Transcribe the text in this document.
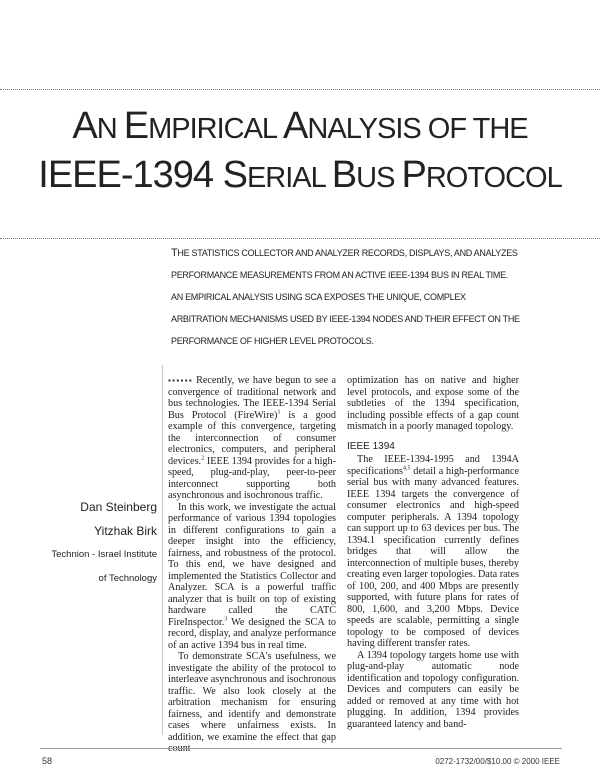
AN EMPIRICAL ANALYSIS OF THE
IEEE-1394 SERIAL BUS PROTOCOL
THE STATISTICS COLLECTOR AND ANALYZER RECORDS, DISPLAYS, AND ANALYZES PERFORMANCE MEASUREMENTS FROM AN ACTIVE IEEE-1394 BUS IN REAL TIME. AN EMPIRICAL ANALYSIS USING SCA EXPOSES THE UNIQUE, COMPLEX ARBITRATION MECHANISMS USED BY IEEE-1394 NODES AND THEIR EFFECT ON THE PERFORMANCE OF HIGHER LEVEL PROTOCOLS.
Dan Steinberg
Yitzhak Birk
Technion - Israel Institute
of Technology

▪▪▪▪▪▪ Recently, we have begun to see a convergence of traditional network and bus technologies. The IEEE-1394 Serial Bus Protocol (FireWire)$^1$ is a good example of this convergence, targeting the interconnection of consumer electronics, computers, and peripheral devices.$^2$ IEEE 1394 provides for a high-speed, plug-and-play, peer-to-peer interconnect supporting both asynchronous and isochronous traffic.

In this work, we investigate the actual performance of various 1394 topologies in different configurations to gain a deeper insight into the efficiency, fairness, and robustness of the protocol. To this end, we have designed and implemented the Statistics Collector and Analyzer. SCA is a powerful traffic analyzer that is built on top of existing hardware called the CATC FireInspector.$^3$ We designed the SCA to record, display, and analyze performance of an active 1394 bus in real time.

To demonstrate SCA's usefulness, we investigate the ability of the protocol to interleave asynchronous and isochronous traffic. We also look closely at the arbitration mechanism for ensuring fairness, and identify and demonstrate cases where unfairness exists. In addition, we examine the effect that gap count

optimization has on native and higher level protocols, and expose some of the subtleties of the 1394 specification, including possible effects of a gap count mismatch in a poorly managed topology.

IEEE 1394

The IEEE-1394-1995 and 1394A specifications$^{4,5}$ detail a high-performance serial bus with many advanced features. IEEE 1394 targets the convergence of consumer electronics and high-speed computer peripherals. A 1394 topology can support up to 63 devices per bus. The 1394.1 specification currently defines bridges that will allow the interconnection of multiple buses, thereby creating even larger topologies. Data rates of 100, 200, and 400 Mbps are presently supported, with future plans for rates of 800, 1,600, and 3,200 Mbps. Device speeds are scalable, permitting a single topology to be composed of devices having different transfer rates.

A 1394 topology targets home use with plug-and-play automatic node identification and topology configuration. Devices and computers can easily be added or removed at any time with hot plugging. In addition, 1394 provides guaranteed latency and band-

58	0272-1732/00/$10.00 © 2000 IEEE
